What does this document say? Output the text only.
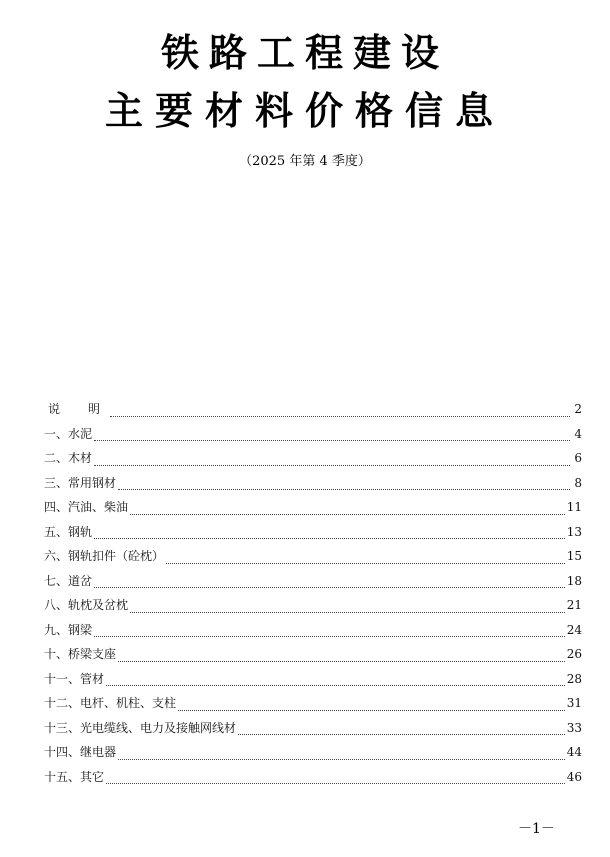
铁路工程建设
主要材料价格信息
（2025 年第 4 季度）
说　明	2
一、水泥	4
二、木材	6
三、常用钢材	8
四、汽油、柴油	11
五、钢轨	13
六、钢轨扣件（砼枕）	15
七、道岔	18
八、轨枕及岔枕	21
九、钢梁	24
十、桥梁支座	26
十一、管材	28
十二、电杆、机柱、支柱	31
十三、光电缆线、电力及接触网线材	33
十四、继电器	44
十五、其它	46
－1－
